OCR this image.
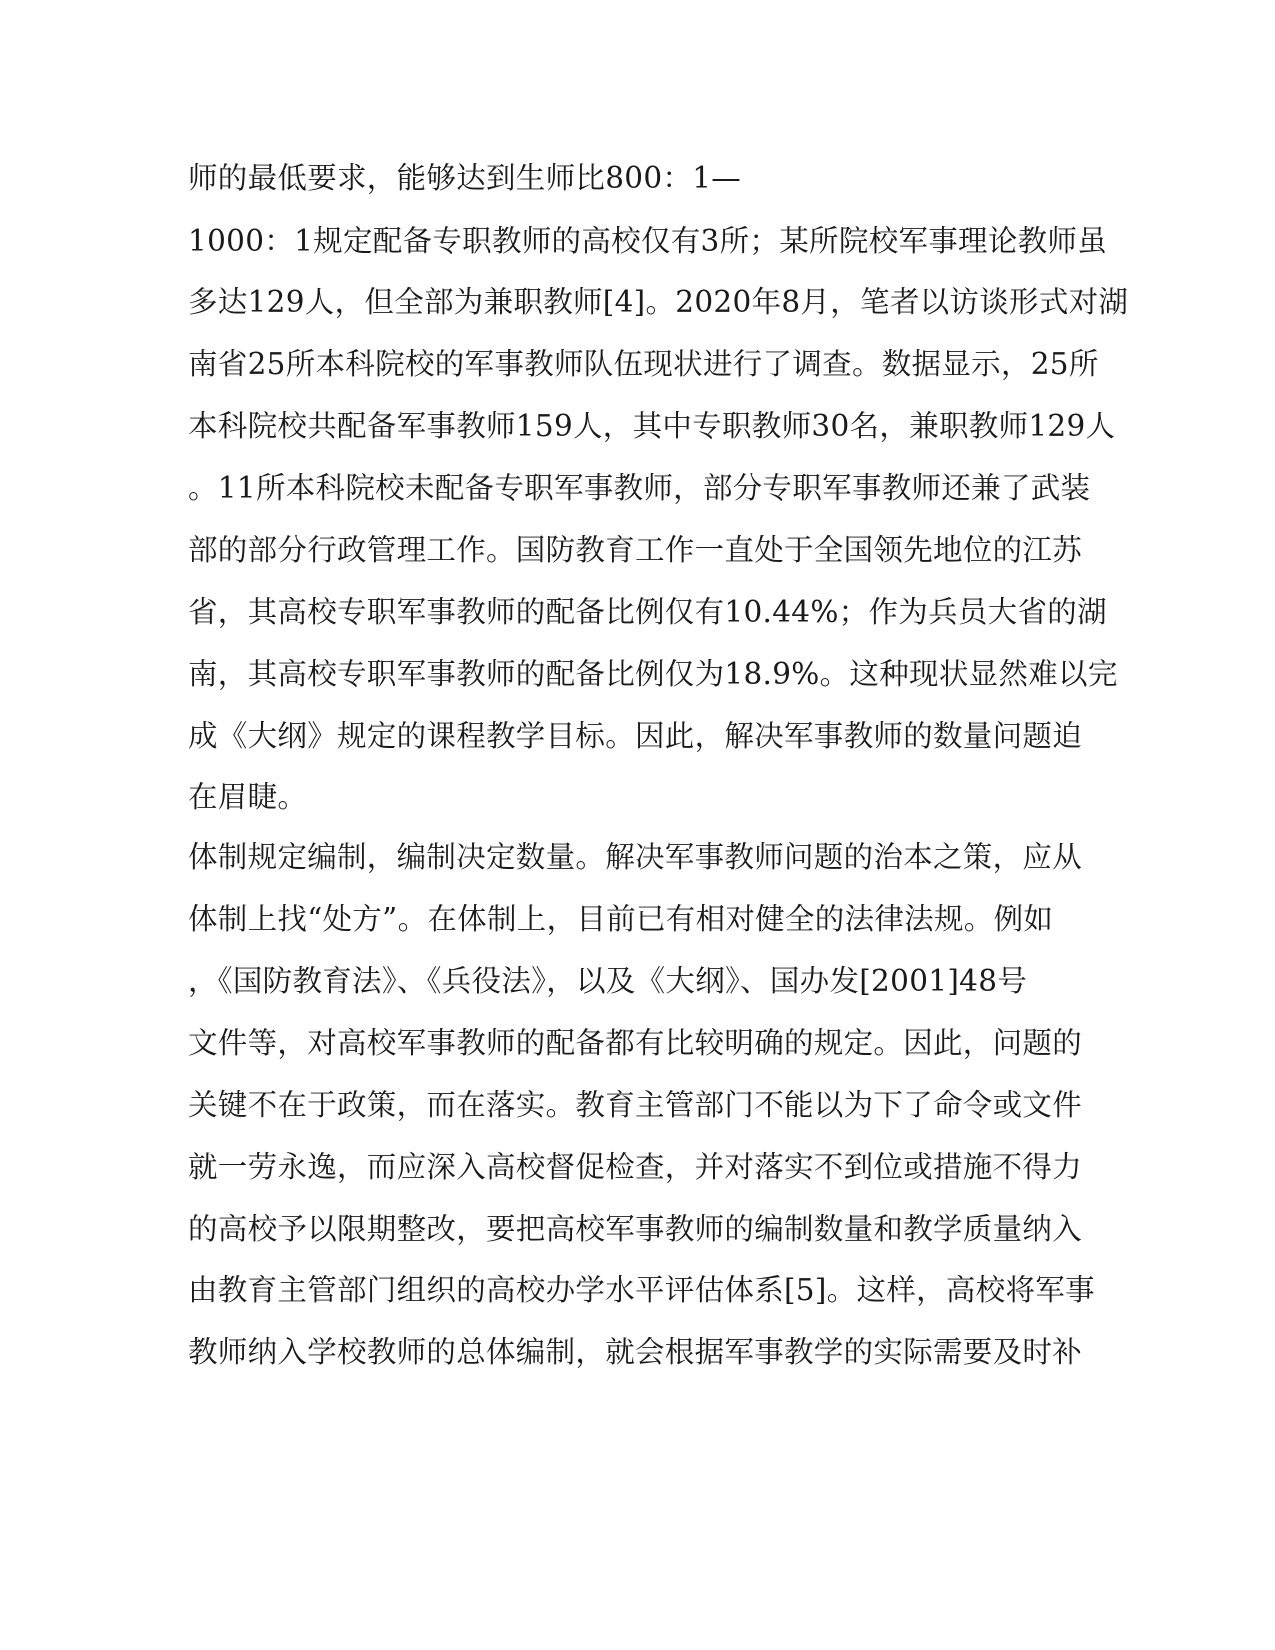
师的最低要求，能够达到生师比800：1—
1000：1规定配备专职教师的高校仅有3所；某所院校军事理论教师虽
多达129人，但全部为兼职教师[4]。2020年8月，笔者以访谈形式对湖
南省25所本科院校的军事教师队伍现状进行了调查。数据显示，25所
本科院校共配备军事教师159人，其中专职教师30名，兼职教师129人
。11所本科院校未配备专职军事教师，部分专职军事教师还兼了武装
部的部分行政管理工作。国防教育工作一直处于全国领先地位的江苏
省，其高校专职军事教师的配备比例仅有10.44%；作为兵员大省的湖
南，其高校专职军事教师的配备比例仅为18.9%。这种现状显然难以完
成《大纲》规定的课程教学目标。因此，解决军事教师的数量问题迫
在眉睫。
体制规定编制，编制决定数量。解决军事教师问题的治本之策，应从
体制上找“处方”。在体制上，目前已有相对健全的法律法规。例如
，《国防教育法》、《兵役法》，以及《大纲》、国办发[2001]48号
文件等，对高校军事教师的配备都有比较明确的规定。因此，问题的
关键不在于政策，而在落实。教育主管部门不能以为下了命令或文件
就一劳永逸，而应深入高校督促检查，并对落实不到位或措施不得力
的高校予以限期整改，要把高校军事教师的编制数量和教学质量纳入
由教育主管部门组织的高校办学水平评估体系[5]。这样，高校将军事
教师纳入学校教师的总体编制，就会根据军事教学的实际需要及时补
